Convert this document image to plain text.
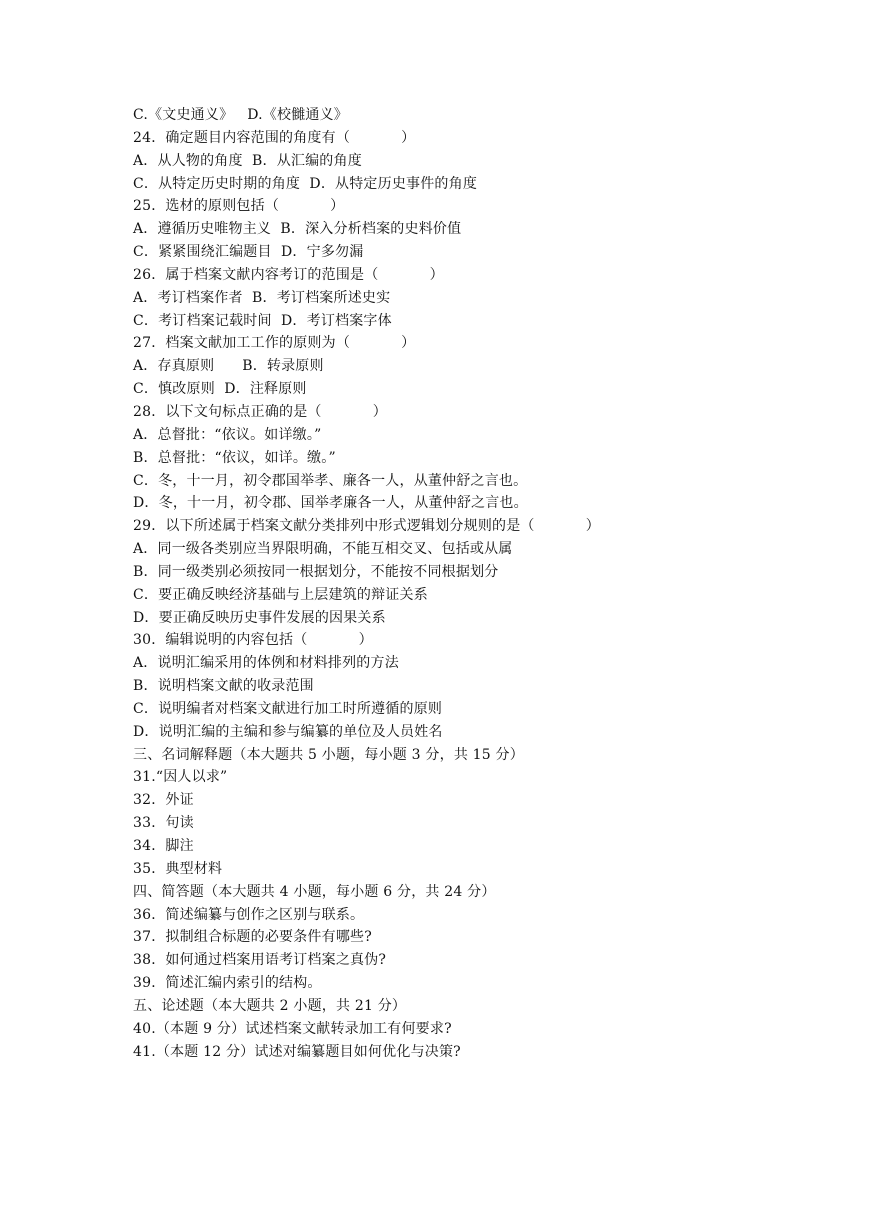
C.《文史通义》   D.《校雠通义》
24．确定题目内容范围的角度有（           ）
A．从人物的角度  B．从汇编的角度
C．从特定历史时期的角度  D．从特定历史事件的角度
25．选材的原则包括（           ）
A．遵循历史唯物主义  B．深入分析档案的史料价值
C．紧紧围绕汇编题目  D．宁多勿漏
26．属于档案文献内容考订的范围是（           ）
A．考订档案作者  B．考订档案所述史实
C．考订档案记载时间  D．考订档案字体
27．档案文献加工工作的原则为（           ）
A．存真原则      B．转录原则
C．慎改原则  D．注释原则
28．以下文句标点正确的是（           ）
A．总督批：“依议。如详缴。”
B．总督批：“依议，如详。缴。”
C．冬，十一月，初令郡国举孝、廉各一人，从董仲舒之言也。
D．冬，十一月，初令郡、国举孝廉各一人，从董仲舒之言也。
29．以下所述属于档案文献分类排列中形式逻辑划分规则的是（           ）
A．同一级各类别应当界限明确，不能互相交叉、包括或从属
B．同一级类别必须按同一根据划分，不能按不同根据划分
C．要正确反映经济基础与上层建筑的辩证关系
D．要正确反映历史事件发展的因果关系
30．编辑说明的内容包括（           ）
A．说明汇编采用的体例和材料排列的方法
B．说明档案文献的收录范围
C．说明编者对档案文献进行加工时所遵循的原则
D．说明汇编的主编和参与编纂的单位及人员姓名
三、名词解释题（本大题共 5 小题，每小题 3 分，共 15 分）
31.“因人以求”
32．外证
33．句读
34．脚注
35．典型材料
四、简答题（本大题共 4 小题，每小题 6 分，共 24 分）
36．简述编纂与创作之区别与联系。
37．拟制组合标题的必要条件有哪些?
38．如何通过档案用语考订档案之真伪?
39．简述汇编内索引的结构。
五、论述题（本大题共 2 小题，共 21 分）
40.（本题 9 分）试述档案文献转录加工有何要求?
41.（本题 12 分）试述对编纂题目如何优化与决策?
